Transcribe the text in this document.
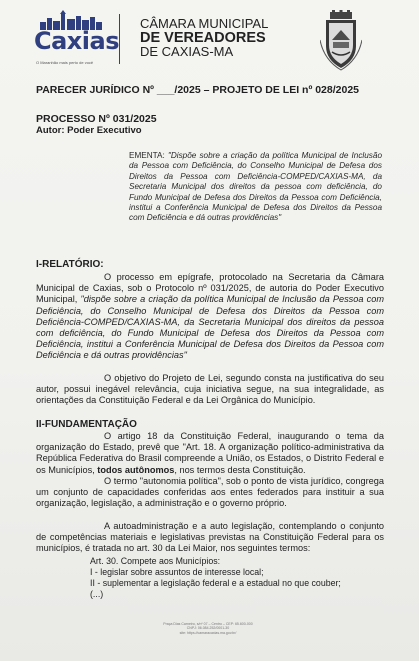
Caxias
O Maranhão mais perto de você
CÂMARA MUNICIPAL
DE VEREADORES
DE CAXIAS-MA
PARECER JURÍDICO Nº ___/2025 – PROJETO DE LEI nº 028/2025
PROCESSO Nº 031/2025
Autor: Poder Executivo
EMENTA: "Dispõe sobre a criação da política Municipal de Inclusão da Pessoa com Deficiência, do Conselho Municipal de Defesa dos Direitos da Pessoa com Deficiência-COMPED/CAXIAS-MA, da Secretaria Municipal dos direitos da pessoa com deficiência, do Fundo Municipal de Defesa dos Direitos da Pessoa com Deficiência, institui a Conferência Municipal de Defesa dos Direitos da Pessoa com Deficiência e dá outras providências"
I-RELATÓRIO:
O processo em epígrafe, protocolado na Secretaria da Câmara Municipal de Caxias, sob o Protocolo nº 031/2025, de autoria do Poder Executivo Municipal, "dispõe sobre a criação da política Municipal de Inclusão da Pessoa com Deficiência, do Conselho Municipal de Defesa dos Direitos da Pessoa com Deficiência-COMPED/CAXIAS-MA, da Secretaria Municipal dos direitos da pessoa com deficiência, do Fundo Municipal de Defesa dos Direitos da Pessoa com Deficiência, institui a Conferência Municipal de Defesa dos Direitos da Pessoa com Deficiência e dá outras providências"
O objetivo do Projeto de Lei, segundo consta na justificativa do seu autor, possui inegável relevância, cuja iniciativa segue, na sua integralidade, as orientações da Constituição Federal e da Lei Orgânica do Município.
II-FUNDAMENTAÇÃO
O artigo 18 da Constituição Federal, inaugurando o tema da organização do Estado, prevê que "Art. 18. A organização político-administrativa da República Federativa do Brasil compreende a União, os Estados, o Distrito Federal e os Municípios, todos autônomos, nos termos desta Constituição.
O termo "autonomia política", sob o ponto de vista jurídico, congrega um conjunto de capacidades conferidas aos entes federados para instituir a sua organização, legislação, a administração e o governo próprio.
A autoadministração e a auto legislação, contemplando o conjunto de competências materiais e legislativas previstas na Constituição Federal para os municípios, é tratada no art. 30 da Lei Maior, nos seguintes termos:
Art. 30. Compete aos Municípios:
I - legislar sobre assuntos de interesse local;
II - suplementar a legislação federal e a estadual no que couber;
(...)
Praça Dias Carneiro, s/nº 07 – Centro – CEP: 65.600-000
CNPJ: 06.084.252/0001-30
site: https://camaracaxias.ma.gov.br/
